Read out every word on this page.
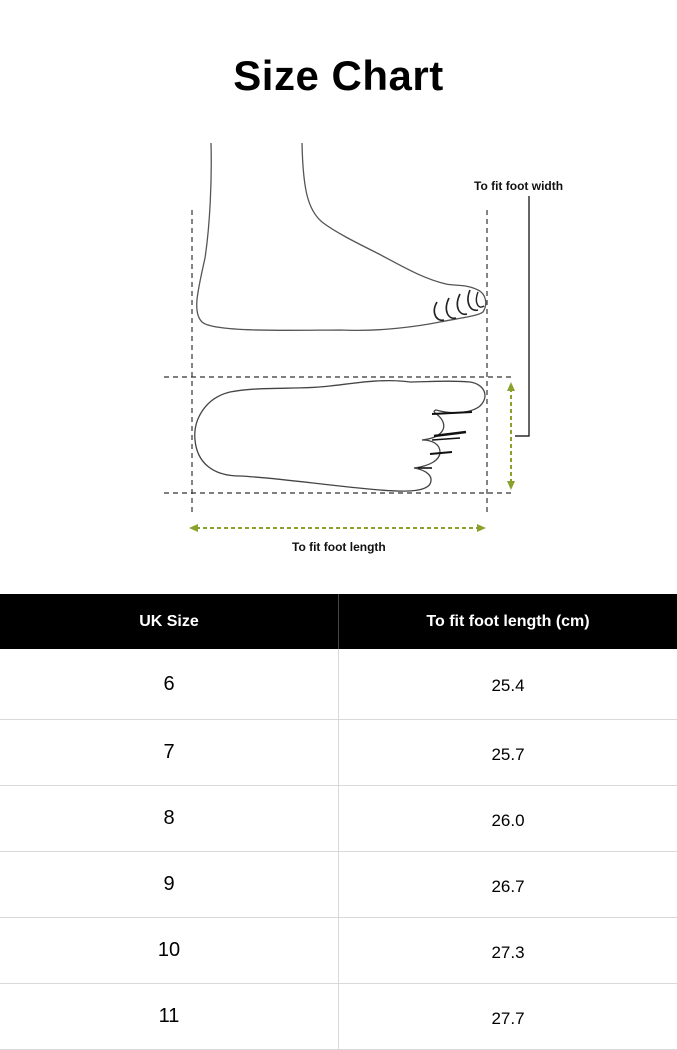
Size Chart
To fit foot width
To fit foot length
UK Size	To fit foot length (cm)
6	25.4
7	25.7
8	26.0
9	26.7
10	27.3
11	27.7
